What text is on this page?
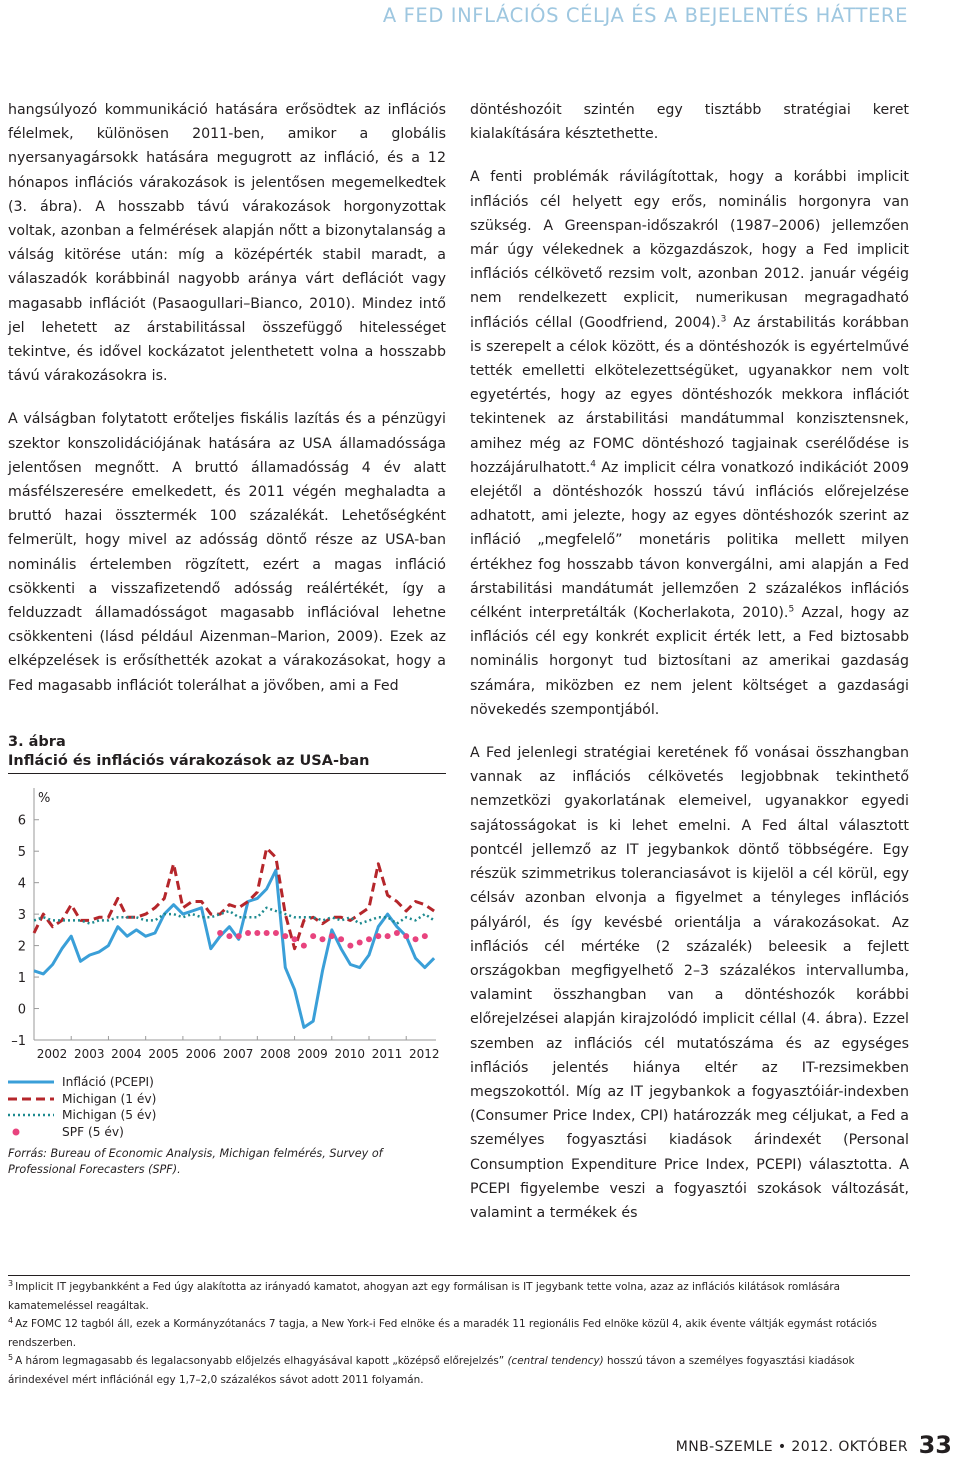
A FED INFLÁCIÓS CÉLJA ÉS A BEJELENTÉS HÁTTERE

hangsúlyozó kommunikáció hatására erősödtek az inflációs félelmek, különösen 2011-ben, amikor a globális nyersanyagársokk hatására megugrott az infláció, és a 12 hónapos inflációs várakozások is jelentősen megemelkedtek (3. ábra). A hosszabb távú várakozások horgonyzottak voltak, azonban a felmérések alapján nőtt a bizonytalanság a válság kitörése után: míg a középérték stabil maradt, a válaszadók korábbinál nagyobb aránya várt deflációt vagy magasabb inflációt (Pasaogullari–Bianco, 2010). Mindez intő jel lehetett az árstabilitással összefüggő hitelességet tekintve, és idővel kockázatot jelenthetett volna a hosszabb távú várakozásokra is.

A válságban folytatott erőteljes fiskális lazítás és a pénzügyi szektor konszolidációjának hatására az USA államadóssága jelentősen megnőtt. A bruttó államadósság 4 év alatt másfélszeresére emelkedett, és 2011 végén meghaladta a bruttó hazai össztermék 100 százalékát. Lehetőségként felmerült, hogy mivel az adósság döntő része az USA-ban nominális értelemben rögzített, ezért a magas infláció csökkenti a visszafizetendő adósság reálértékét, így a felduzzadt államadósságot magasabb inflációval lehetne csökkenteni (lásd például Aizenman–Marion, 2009). Ezek az elképzelések is erősíthették azokat a várakozásokat, hogy a Fed magasabb inflációt tolerálhat a jövőben, ami a Fed

3. ábra
Infláció és inflációs várakozások az USA-ban
%
–1
0
1
2
3
4
5
6
2002 2003 2004 2005 2006 2007 2008 2009 2010 2011 2012
Infláció (PCEPI)
Michigan (1 év)
Michigan (5 év)
SPF (5 év)
Forrás: Bureau of Economic Analysis, Michigan felmérés, Survey of Professional Forecasters (SPF).

döntéshozóit szintén egy tisztább stratégiai keret kialakítására késztethette.

A fenti problémák rávilágítottak, hogy a korábbi implicit inflációs cél helyett egy erős, nominális horgonyra van szükség. A Greenspan-időszakról (1987–2006) jellemzően már úgy vélekednek a közgazdászok, hogy a Fed implicit inflációs célkövető rezsim volt, azonban 2012. január végéig nem rendelkezett explicit, numerikusan megragadható inflációs céllal (Goodfriend, 2004).$^3$ Az árstabilitás korábban is szerepelt a célok között, és a döntéshozók is egyértelművé tették emelletti elkötelezettségüket, ugyanakkor nem volt egyetértés, hogy az egyes döntéshozók mekkora inflációt tekintenek az árstabilitási mandátummal konzisztensnek, amihez még az FOMC döntéshozó tagjainak cserélődése is hozzájárulhatott.$^4$ Az implicit célra vonatkozó indikációt 2009 elejétől a döntéshozók hosszú távú inflációs előrejelzése adhatott, ami jelezte, hogy az egyes döntéshozók szerint az infláció „megfelelő” monetáris politika mellett milyen értékhez fog hosszabb távon konvergálni, ami alapján a Fed árstabilitási mandátumát jellemzően 2 százalékos inflációs célként interpretálták (Kocherlakota, 2010).$^5$ Azzal, hogy az inflációs cél egy konkrét explicit érték lett, a Fed biztosabb nominális horgonyt tud biztosítani az amerikai gazdaság számára, miközben ez nem jelent költséget a gazdasági növekedés szempontjából.

A Fed jelenlegi stratégiai keretének fő vonásai összhangban vannak az inflációs célkövetés legjobbnak tekinthető nemzetközi gyakorlatának elemeivel, ugyanakkor egyedi sajátosságokat is ki lehet emelni. A Fed által választott pontcél jellemző az IT jegybankok döntő többségére. Egy részük szimmetrikus toleranciasávot is kijelöl a cél körül, egy célsáv azonban elvonja a figyelmet a tényleges inflációs pályáról, és így kevésbé orientálja a várakozásokat. Az inflációs cél mértéke (2 százalék) beleesik a fejlett országokban megfigyelhető 2–3 százalékos intervallumba, valamint összhangban van a döntéshozók korábbi előrejelzései alapján kirajzolódó implicit céllal (4. ábra). Ezzel szemben az inflációs cél mutatószáma és az egységes inflációs jelentés hiánya eltér az IT-rezsimekben megszokottól. Míg az IT jegybankok a fogyasztóiár-indexben (Consumer Price Index, CPI) határozzák meg céljukat, a Fed a személyes fogyasztási kiadások árindexét (Personal Consumption Expenditure Price Index, PCEPI) választotta. A PCEPI figyelembe veszi a fogyasztói szokások változását, valamint a termékek és

$^3$ Implicit IT jegybankként a Fed úgy alakította az irányadó kamatot, ahogyan azt egy formálisan is IT jegybank tette volna, azaz az inflációs kilátások romlására kamatemeléssel reagáltak.
$^4$ Az FOMC 12 tagból áll, ezek a Kormányzótanács 7 tagja, a New York-i Fed elnöke és a maradék 11 regionális Fed elnöke közül 4, akik évente váltják egymást rotációs rendszerben.
$^5$ A három legmagasabb és legalacsonyabb előjelzés elhagyásával kapott „középső előrejelzés” (central tendency) hosszú távon a személyes fogyasztási kiadások árindexével mért inflációnál egy 1,7–2,0 százalékos sávot adott 2011 folyamán.
MNB-SZEMLE • 2012. OKTÓBER 33
